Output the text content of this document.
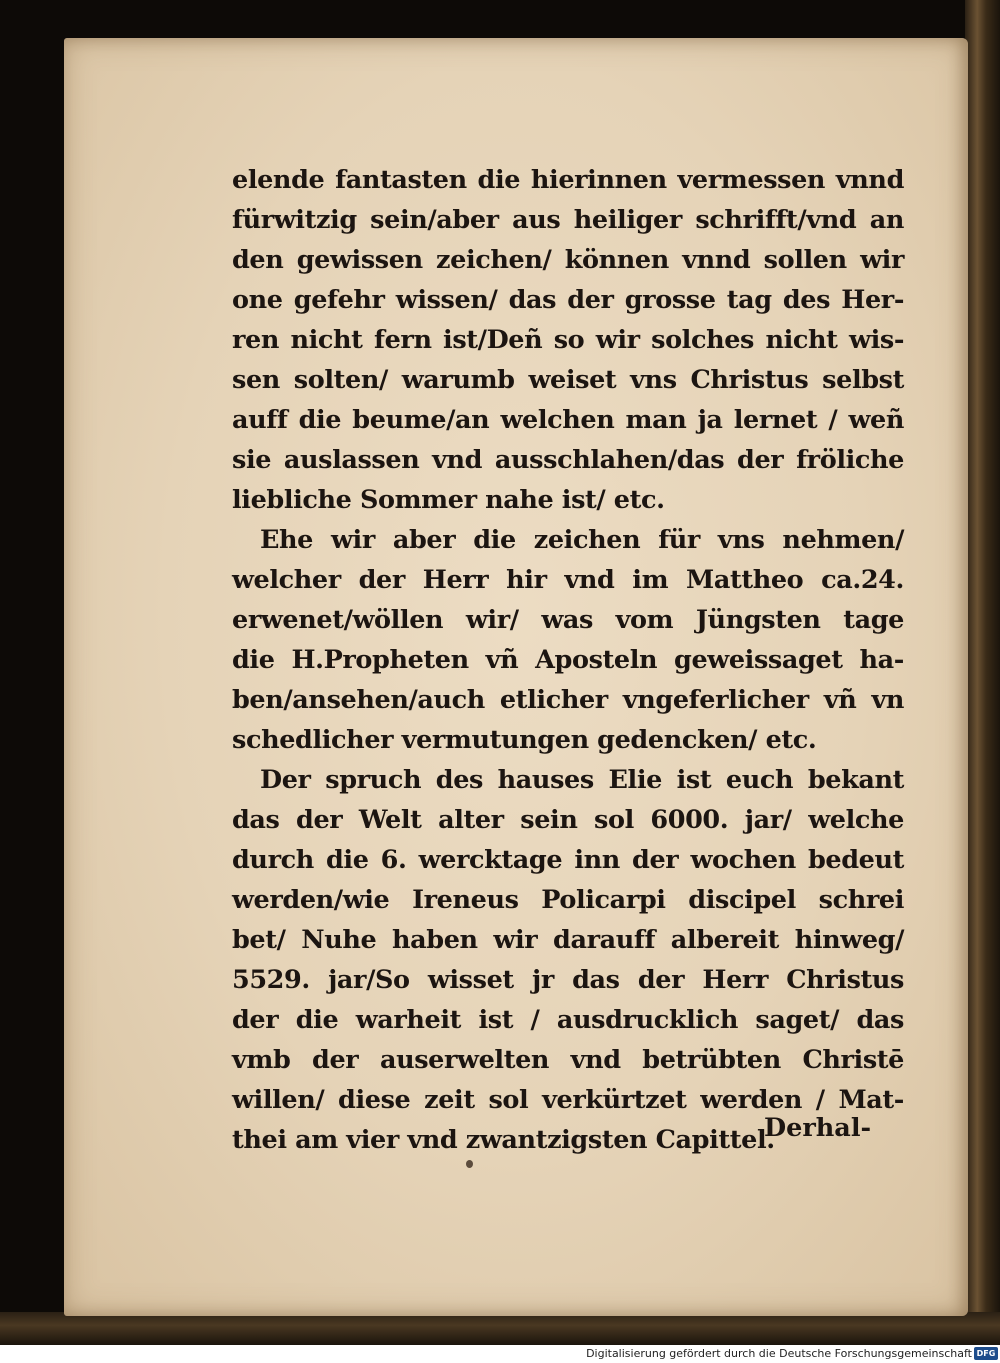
elende fantasten die hierinnen vermessen vnnd
fürwitzig sein/aber aus heiliger schrifft/vnd an
den gewissen zeichen/ können vnnd sollen wir
one gefehr wissen/ das der grosse tag des Her-
ren nicht fern ist/Deñ so wir solches nicht wis-
sen solten/ warumb weiset vns Christus selbst
auff die beume/an welchen man ja lernet / weñ
sie auslassen vnd ausschlahen/das der fröliche
liebliche Sommer nahe ist/ etc.
Ehe wir aber die zeichen für vns nehmen/
welcher der Herr hir vnd im Mattheo ca.24.
erwenet/wöllen wir/ was vom Jüngsten tage
die H.Propheten vñ Aposteln geweissaget ha-
ben/ansehen/auch etlicher vngeferlicher vñ vn
schedlicher vermutungen gedencken/ etc.
Der spruch des hauses Elie ist euch bekant
das der Welt alter sein sol 6000. jar/ welche
durch die 6. wercktage inn der wochen bedeut
werden/wie Ireneus Policarpi discipel schrei
bet/ Nuhe haben wir darauff albereit hinweg/
5529. jar/So wisset jr das der Herr Christus
der die warheit ist / ausdrucklich saget/ das
vmb der auserwelten vnd betrübten Christē
willen/ diese zeit sol verkürtzet werden / Mat-
thei am vier vnd zwantzigsten Capittel.
Derhal-
Digitalisierung gefördert durch die Deutsche Forschungsgemeinschaft DFG
